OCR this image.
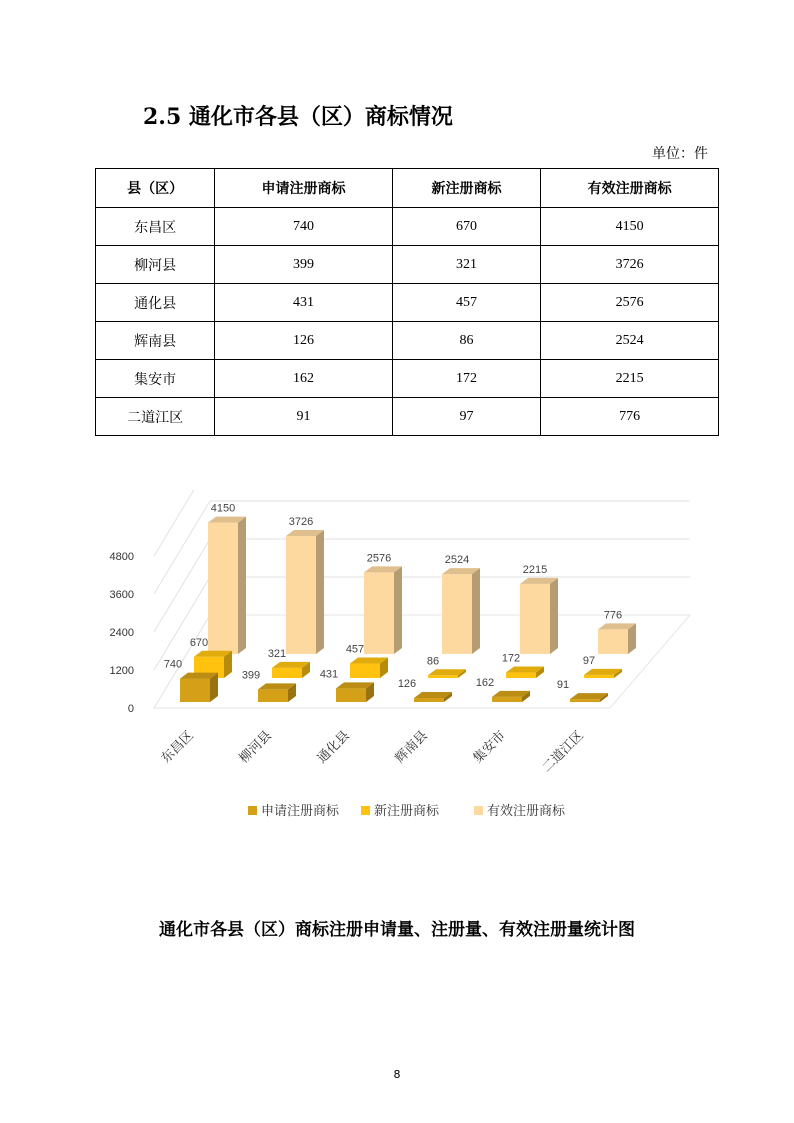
2.5 通化市各县（区）商标情况
单位：件
县（区）	申请注册商标	新注册商标	有效注册商标
东昌区	740	670	4150
柳河县	399	321	3726
通化县	431	457	2576
辉南县	126	86	2524
集安市	162	172	2215
二道江区	91	97	776
0
1200
2400
3600
4800
4150
3726
2576	2524
2215
776
670
321	457
86	172	97
740
399	431
126	162	91
东昌区	柳河县	通化县	辉南县	集安市 二道江区
申请注册商标	新注册商标	有效注册商标
通化市各县（区）商标注册申请量、注册量、有效注册量统计图
8
